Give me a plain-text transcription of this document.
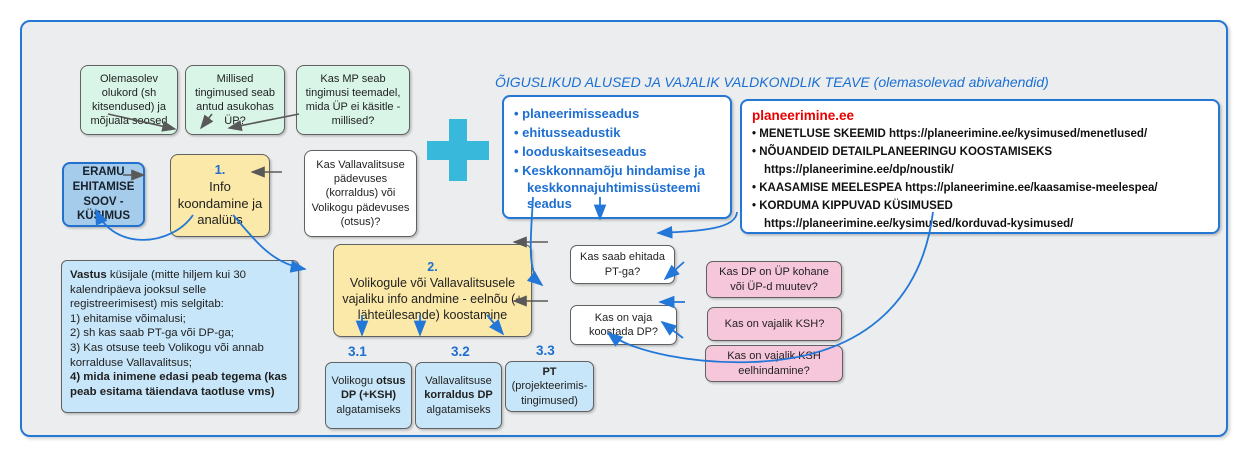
Olemasolev olukord (sh kitsendused) ja mõjuala seosed
Millised tingimused seab antud asukohas ÜP?
Kas MP seab tingimusi teemadel, mida ÜP ei käsitle - millised?
ERAMU EHITAMISE SOOV - KÜSIMUS
1.
Info koondamine ja analüüs
Kas Vallavalitsuse pädevuses (korraldus) või Volikogu pädevuses (otsus)?
ÕIGUSLIKUD ALUSED JA VAJALIK VALDKONDLIK TEAVE (olemasolevad abivahendid)
• planeerimisseadus
• ehitusseadustik
• looduskaitseseadus
• Keskkonnamõju hindamise ja keskkonnajuhtimissüsteemi seadus
planeerimine.ee
• MENETLUSE SKEEMID https://planeerimine.ee/kysimused/menetlused/
• NÕUANDEID DETAILPLANEERINGU KOOSTAMISEKS
https://planeerimine.ee/dp/noustik/
• KAASAMISE MEELESPEA https://planeerimine.ee/kaasamise-meelespea/
• KORDUMA KIPPUVAD KÜSIMUSED
https://planeerimine.ee/kysimused/korduvad-kysimused/
Kas saab ehitada PT-ga?
Kas on vaja koostada DP?
2.
Volikogule või Vallavalitsusele vajaliku info andmine - eelnõu (+ lähteülesande) koostamine
Kas DP on ÜP kohane või ÜP-d muutev?
Kas on vajalik KSH?
Kas on vajalik KSH eelhindamine?
Vastus küsijale (mitte hiljem kui 30 kalendripäeva jooksul selle registreerimisest) mis selgitab:
1) ehitamise võimalusi;
2) sh kas saab PT-ga või DP-ga;
3) Kas otsuse teeb Volikogu või annab korralduse Vallavalitsus;
4) mida inimene edasi peab tegema (kas peab esitama täiendava taotluse vms)
3.1	3.2	3.3
Volikogu otsus DP (+KSH) algatamiseks
Vallavalitsuse korraldus DP algatamiseks
PT
(projekteerimis-tingimused)
